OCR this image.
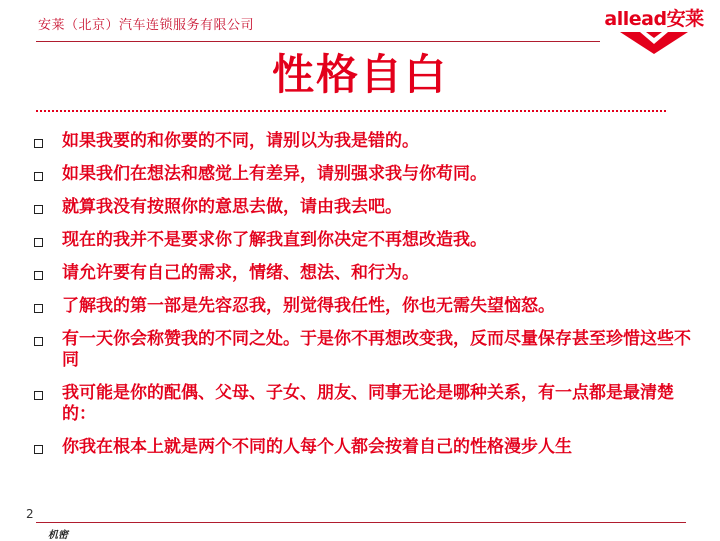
安莱（北京）汽车连锁服务有限公司	allead安莱
性格自白
如果我要的和你要的不同，请别以为我是错的。
如果我们在想法和感觉上有差异，请别强求我与你苟同。
就算我没有按照你的意思去做，请由我去吧。
现在的我并不是要求你了解我直到你决定不再想改造我。
请允许要有自己的需求，情绪、想法、和行为。
了解我的第一部是先容忍我，别觉得我任性，你也无需失望恼怒。
有一天你会称赞我的不同之处。于是你不再想改变我，反而尽量保存甚至珍惜这些不同
我可能是你的配偶、父母、子女、朋友、同事无论是哪种关系，有一点都是最清楚的：
你我在根本上就是两个不同的人每个人都会按着自己的性格漫步人生
2
机密
